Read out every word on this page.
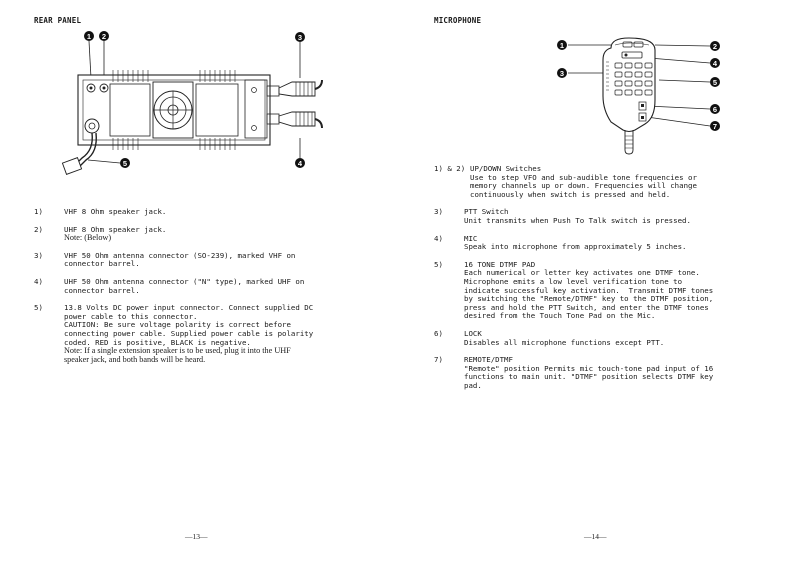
REAR PANEL
1 2	3
4
5
1)	VHF 8 Ohm speaker jack.
2)	UHF 8 Ohm speaker jack.
Note: (Below)
3)	VHF 50 Ohm antenna connector (SO-239), marked VHF on
connector barrel.
4)	UHF 50 Ohm antenna connector ("N" type), marked UHF on
connector barrel.
5)	13.8 Volts DC power input connector. Connect supplied DC
power cable to this connector.
CAUTION: Be sure voltage polarity is correct before
connecting power cable. Supplied power cable is polarity
coded. RED is positive, BLACK is negative.
Note: If a single extension speaker is to be used, plug it into the UHF
speaker jack, and both bands will be heard.
—13—
MICROPHONE
1	2
3
4
5
6
7
1) & 2) UP/DOWN Switches
Use to step VFO and sub-audible tone frequencies or
memory channels up or down. Frequencies will change
continuously when switch is pressed and held.
3)	PTT Switch
Unit transmits when Push To Talk switch is pressed.
4)	MIC
Speak into microphone from approximately 5 inches.
5)	16 TONE DTMF PAD
Each numerical or letter key activates one DTMF tone.
Microphone emits a low level verification tone to
indicate successful key activation.  Transmit DTMF tones
by switching the "Remote/DTMF" key to the DTMF position,
press and hold the PTT Switch, and enter the DTMF tones
desired from the Touch Tone Pad on the Mic.
6)	LOCK
Disables all microphone functions except PTT.
7)	REMOTE/DTMF
"Remote" position Permits mic touch-tone pad input of 16
functions to main unit. "DTMF" position selects DTMF key
pad.
—14—
